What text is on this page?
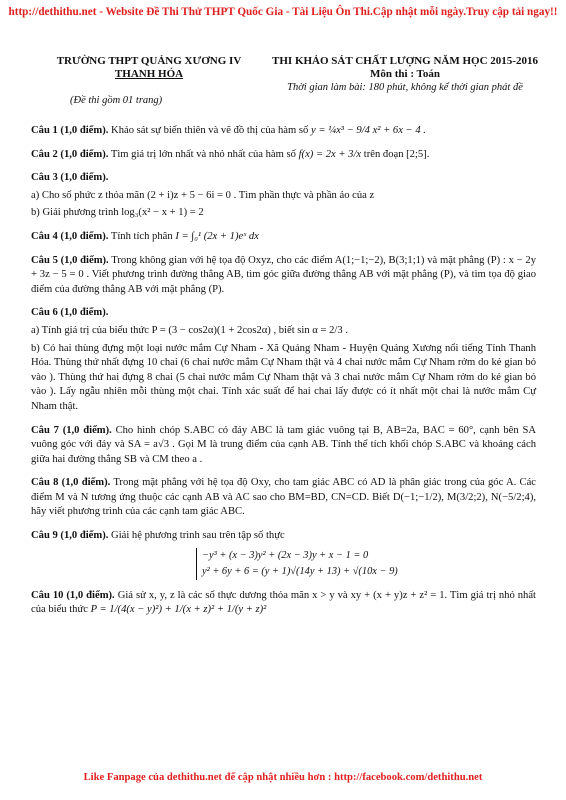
http://dethithu.net - Website Đề Thi Thử THPT Quốc Gia - Tài Liệu Ôn Thi.Cập nhật mỗi ngày.Truy cập tải ngay!!
TRƯỜNG THPT QUẢNG XƯƠNG IV
THANH HÓA
(Đề thi gồm 01 trang)
THI KHẢO SÁT CHẤT LƯỢNG NĂM HỌC 2015-2016
Môn thi : Toán
Thời gian làm bài: 180 phút, không kể thời gian phát đề

Câu 1 (1,0 điểm). Khảo sát sự biến thiên và vẽ đồ thị của hàm số y = ¼x³ − 9/4 x² + 6x − 4 .

Câu 2 (1,0 điểm). Tìm giá trị lớn nhất và nhỏ nhất của hàm số f(x) = 2x + 3/x trên đoạn [2;5].

Câu 3 (1,0 điểm).

a) Cho số phức z thỏa mãn (2 + i)z + 5 − 6i = 0 . Tìm phần thực và phần ảo của z

b) Giải phương trình log₃(x² − x + 1) = 2

Câu 4 (1,0 điểm). Tính tích phân I = ∫₀¹ (2x + 1)eˣ dx

Câu 5 (1,0 điểm). Trong không gian với hệ tọa độ Oxyz, cho các điểm A(1;−1;−2), B(3;1;1) và mặt phẳng (P) : x − 2y + 3z − 5 = 0 . Viết phương trình đường thẳng AB, tìm góc giữa đường thẳng AB với mặt phẳng (P), và tìm tọa độ giao điểm của đường thẳng AB với mặt phẳng (P).

Câu 6 (1,0 điểm).

a) Tính giá trị của biểu thức P = (3 − cos2α)(1 + 2cos2α) , biết sin α = 2/3 .

b) Có hai thùng đựng một loại nước mắm Cự Nham - Xã Quảng Nham - Huyện Quảng Xương nổi tiếng Tỉnh Thanh Hóa. Thùng thứ nhất đựng 10 chai (6 chai nước mắm Cự Nham thật và 4 chai nước mắm Cự Nham rởm do kẻ gian bỏ vào ). Thùng thứ hai đựng 8 chai (5 chai nước mắm Cự Nham thật và 3 chai nước mắm Cự Nham rởm do kẻ gian bỏ vào ). Lấy ngẫu nhiên mỗi thùng một chai. Tính xác suất để hai chai lấy được có ít nhất một chai là nước mắm Cự Nham thật.

Câu 7 (1,0 điểm). Cho hình chóp S.ABC có đáy ABC là tam giác vuông tại B, AB=2a, BAC = 60°, cạnh bên SA vuông góc với đáy và SA = a√3 . Gọi M là trung điểm của cạnh AB. Tính thể tích khối chóp S.ABC và khoảng cách giữa hai đường thẳng SB và CM theo a .

Câu 8 (1,0 điểm). Trong mặt phẳng với hệ tọa độ Oxy, cho tam giác ABC có AD là phân giác trong của góc A. Các điểm M và N tương ứng thuộc các cạnh AB và AC sao cho BM=BD, CN=CD. Biết D(−1;−1/2), M(3/2;2), N(−5/2;4), hãy viết phương trình của các cạnh tam giác ABC.

Câu 9 (1,0 điểm). Giải hệ phương trình sau trên tập số thực

−y³ + (x − 3)y² + (2x − 3)y + x − 1 = 0
y² + 6y + 6 = (y + 1)√(14y + 13) + √(10x − 9)

Câu 10 (1,0 điểm). Giả sử x, y, z là các số thực dương thỏa mãn x > y và xy + (x + y)z + z² = 1. Tìm giá trị nhỏ nhất của biểu thức P = 1/(4(x − y)²) + 1/(x + z)² + 1/(y + z)²

Like Fanpage của dethithu.net để cập nhật nhiều hơn : http://facebook.com/dethithu.net
